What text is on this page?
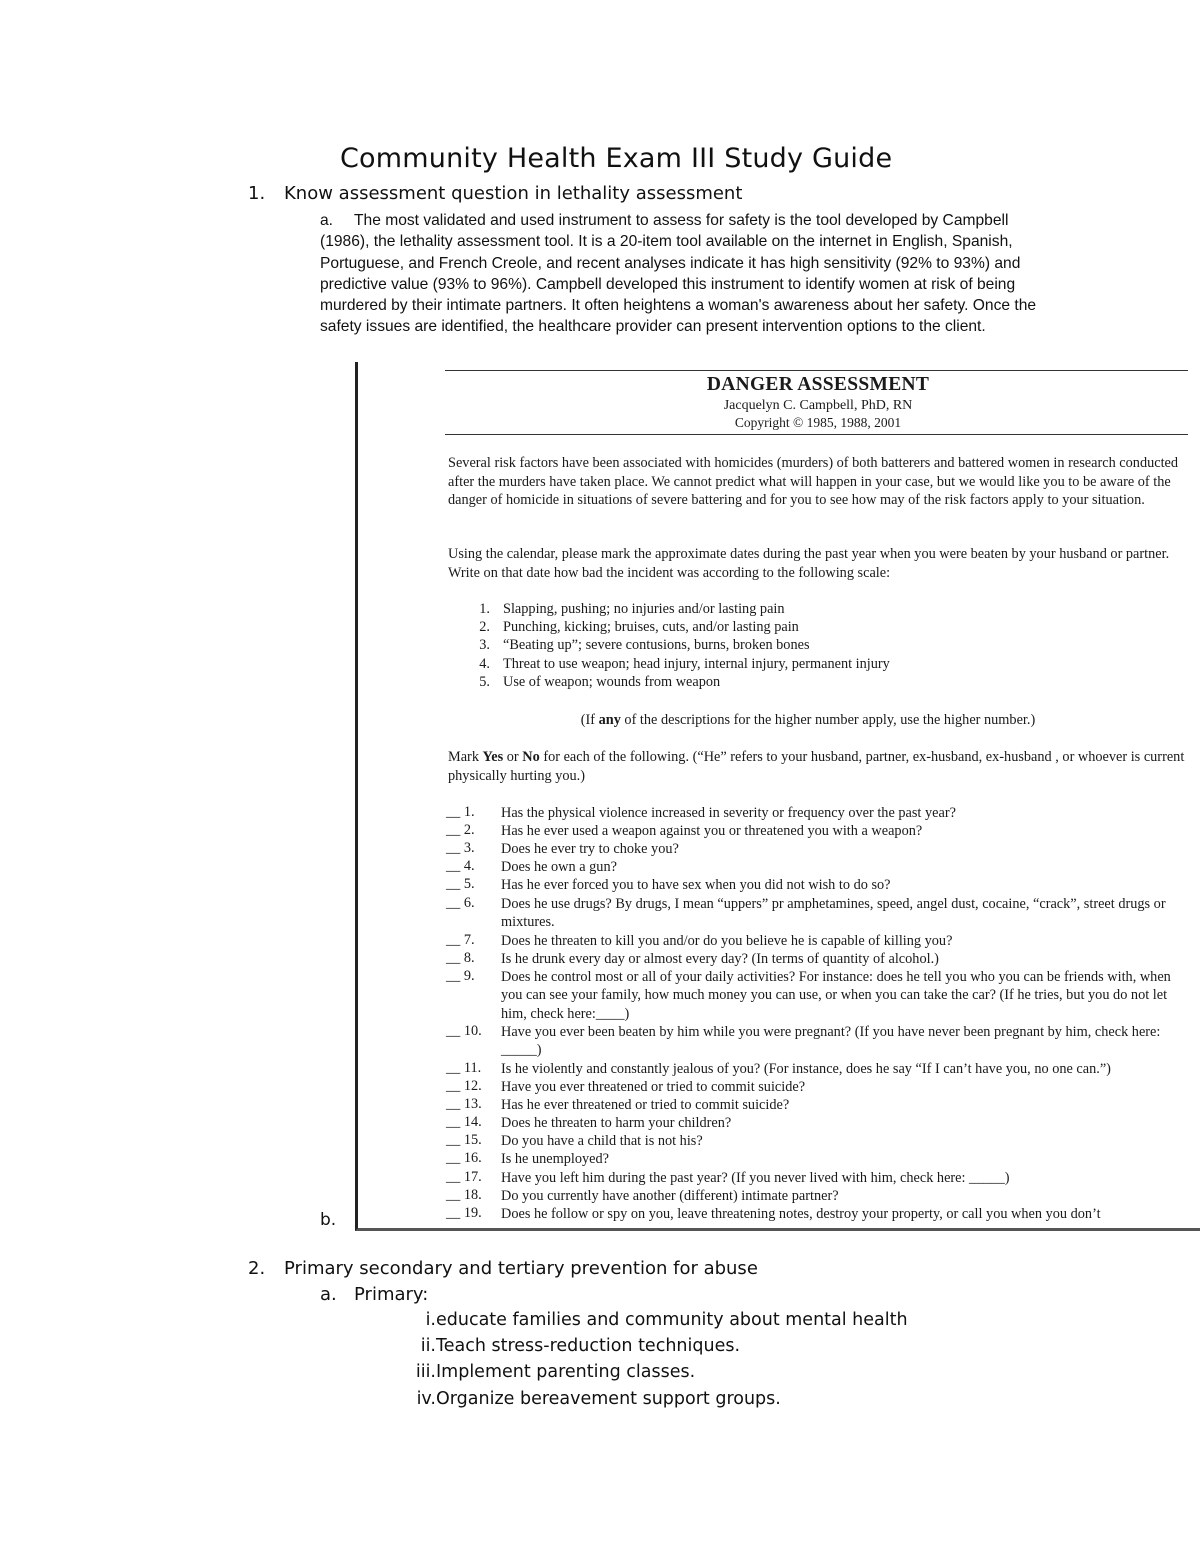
Community Health Exam III Study Guide
1. Know assessment question in lethality assessment
a. The most validated and used instrument to assess for safety is the tool developed by Campbell (1986), the lethality assessment tool. It is a 20-item tool available on the internet in English, Spanish, Portuguese, and French Creole, and recent analyses indicate it has high sensitivity (92% to 93%) and predictive value (93% to 96%). Campbell developed this instrument to identify women at risk of being murdered by their intimate partners. It often heightens a woman's awareness about her safety. Once the safety issues are identified, the healthcare provider can present intervention options to the client.
DANGER ASSESSMENT
Jacquelyn C. Campbell, PhD, RN
Copyright © 1985, 1988, 2001
Several risk factors have been associated with homicides (murders) of both batterers and battered women in research conducted after the murders have taken place. We cannot predict what will happen in your case, but we would like you to be aware of the danger of homicide in situations of severe battering and for you to see how may of the risk factors apply to your situation.
Using the calendar, please mark the approximate dates during the past year when you were beaten by your husband or partner. Write on that date how bad the incident was according to the following scale:
1. Slapping, pushing; no injuries and/or lasting pain
2. Punching, kicking; bruises, cuts, and/or lasting pain
3. “Beating up”; severe contusions, burns, broken bones
4. Threat to use weapon; head injury, internal injury, permanent injury
5. Use of weapon; wounds from weapon
(If any of the descriptions for the higher number apply, use the higher number.)
Mark Yes or No for each of the following. (“He” refers to your husband, partner, ex-husband, ex-husband , or whoever is current physically hurting you.)
__ 1. Has the physical violence increased in severity or frequency over the past year?
__ 2. Has he ever used a weapon against you or threatened you with a weapon?
__ 3. Does he ever try to choke you?
__ 4. Does he own a gun?
__ 5. Has he ever forced you to have sex when you did not wish to do so?
__ 6. Does he use drugs? By drugs, I mean “uppers” pr amphetamines, speed, angel dust, cocaine, “crack”, street drugs or mixtures.
__ 7. Does he threaten to kill you and/or do you believe he is capable of killing you?
__ 8. Is he drunk every day or almost every day? (In terms of quantity of alcohol.)
__ 9. Does he control most or all of your daily activities? For instance: does he tell you who you can be friends with, when you can see your family, how much money you can use, or when you can take the car? (If he tries, but you do not let him, check here:____)
__ 10. Have you ever been beaten by him while you were pregnant? (If you have never been pregnant by him, check here: _____)
__ 11. Is he violently and constantly jealous of you? (For instance, does he say “If I can’t have you, no one can.”)
__ 12. Have you ever threatened or tried to commit suicide?
__ 13. Has he ever threatened or tried to commit suicide?
__ 14. Does he threaten to harm your children?
__ 15. Do you have a child that is not his?
__ 16. Is he unemployed?
__ 17. Have you left him during the past year? (If you never lived with him, check here: _____)
__ 18. Do you currently have another (different) intimate partner?
__ 19. Does he follow or spy on you, leave threatening notes, destroy your property, or call you when you don’t
b.
2. Primary secondary and tertiary prevention for abuse
a. Primary:
i. educate families and community about mental health
ii. Teach stress-reduction techniques.
iii. Implement parenting classes.
iv. Organize bereavement support groups.
